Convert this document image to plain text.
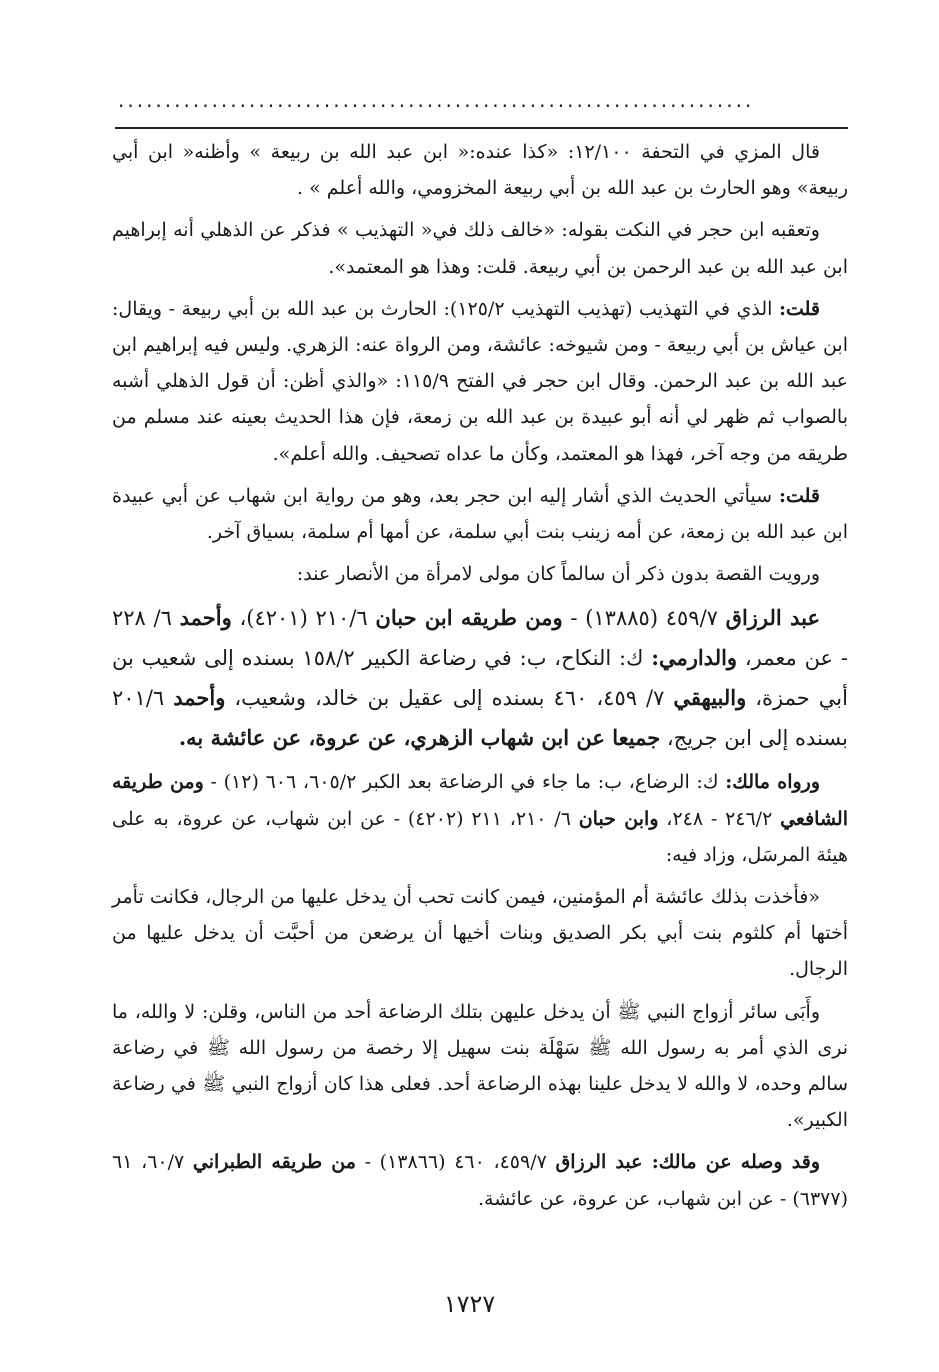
....................................................................

قال المزي في التحفة ١٢/١٠٠: «كذا عنده:« ابن عبد الله بن ربيعة » وأظنه« ابن أبي ربيعة» وهو الحارث بن عبد الله بن أبي ربيعة المخزومي، والله أعلم » .

وتعقبه ابن حجر في النكت بقوله: «خالف ذلك في« التهذيب » فذكر عن الذهلي أنه إبراهيم ابن عبد الله بن عبد الرحمن بن أبي ربيعة. قلت: وهذا هو المعتمد».

قلت: الذي في التهذيب (تهذيب التهذيب ١٢٥/٢): الحارث بن عبد الله بن أبي ربيعة - ويقال: ابن عياش بن أبي ربيعة - ومن شيوخه: عائشة، ومن الرواة عنه: الزهري. وليس فيه إبراهيم ابن عبد الله بن عبد الرحمن. وقال ابن حجر في الفتح ١١٥/٩: «والذي أظن: أن قول الذهلي أشبه بالصواب ثم ظهر لي أنه أبو عبيدة بن عبد الله بن زمعة، فإن هذا الحديث بعينه عند مسلم من طريقه من وجه آخر، فهذا هو المعتمد، وكأن ما عداه تصحيف. والله أعلم».

قلت: سيأتي الحديث الذي أشار إليه ابن حجر بعد، وهو من رواية ابن شهاب عن أبي عبيدة ابن عبد الله بن زمعة، عن أمه زينب بنت أبي سلمة، عن أمها أم سلمة، بسياق آخر.

ورويت القصة بدون ذكر أن سالماً كان مولى لامرأة من الأنصار عند:

عبد الرزاق ٤٥٩/٧ (١٣٨٨٥) - ومن طريقه ابن حبان ٢١٠/٦ (٤٢٠١)، وأحمد ٦/ ٢٢٨ - عن معمر، والدارمي: ك: النكاح، ب: في رضاعة الكبير ١٥٨/٢ بسنده إلى شعيب بن أبي حمزة، والبيهقي ٧/ ٤٥٩، ٤٦٠ بسنده إلى عقيل بن خالد، وشعيب، وأحمد ٢٠١/٦ بسنده إلى ابن جريج، جميعا عن ابن شهاب الزهري، عن عروة، عن عائشة به.

ورواه مالك: ك: الرضاع، ب: ما جاء في الرضاعة بعد الكبر ٦٠٥/٢، ٦٠٦ (١٢) - ومن طريقه الشافعي ٢٤٦/٢ - ٢٤٨، وابن حبان ٦/ ٢١٠، ٢١١ (٤٢٠٢) - عن ابن شهاب، عن عروة، به على هيئة المرسَل، وزاد فيه:

«فأخذت بذلك عائشة أم المؤمنين، فيمن كانت تحب أن يدخل عليها من الرجال، فكانت تأمر أختها أم كلثوم بنت أبي بكر الصديق وبنات أخيها أن يرضعن من أحبَّت أن يدخل عليها من الرجال.

وأَبَى سائر أزواج النبي ﷺ أن يدخل عليهن بتلك الرضاعة أحد من الناس، وقلن: لا والله، ما نرى الذي أمر به رسول الله ﷺ سَهْلَة بنت سهيل إلا رخصة من رسول الله ﷺ في رضاعة سالم وحده، لا والله لا يدخل علينا بهذه الرضاعة أحد. فعلى هذا كان أزواج النبي ﷺ في رضاعة الكبير».

وقد وصله عن مالك: عبد الرزاق ٤٥٩/٧، ٤٦٠ (١٣٨٦٦) - من طريقه الطبراني ٦٠/٧، ٦١ (٦٣٧٧) - عن ابن شهاب، عن عروة، عن عائشة.

١٧٢٧
